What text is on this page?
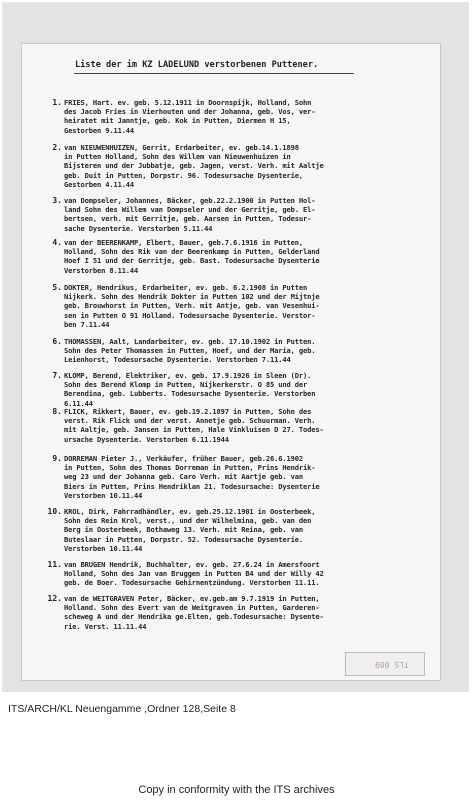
Liste der im KZ LADELUND verstorbenen Puttener.
1. FRIES, Hart. ev. geb. 5.12.1911 in Doornspijk, Holland, Sohn
des Jacob Fries in Vierhouten und der Johanna, geb. Vos, ver-
heiratet mit Janntje, geb. Kok in Putten, Diermen H 15,
Gestorben 9.11.44
2. van NIEUWENHUIZEN, Gerrit, Erdarbeiter, ev. geb.14.1.1898
in Putten Holland, Sohn des Willem van Nieuwenhuizen in
Bijsteren und der Jubbatje, geb. Jagen, verst. Verh. mit Aaltje
geb. Duit in Putten, Dorpstr. 96. Todesursache Dysenterie,
Gestorben 4.11.44
3. van Dompseler, Johannes, Bäcker, geb.22.2.1900 in Putten Hol-
land Sohn des Willem van Dompseler und der Gerritje, geb. El-
bertsen, verh. mit Gerritje, geb. Aarsen in Putten, Todesur-
sache Dysenterie. Verstorben 5.11.44
4. van der BEERENKAMP, Elbert, Bauer, geb.7.6.1916 in Putten,
Holland, Sohn des Rik van der Beerenkamp in Putten, Gelderland
Hoef I 51 und der Gerritje, geb. Bast. Todesursache Dysenterie
Verstorben 8.11.44
5. DOKTER, Hendrikus, Erdarbeiter, ev. geb. 6.2.1908 in Putten
Nijkerk. Sohn des Hendrik Dokter in Putten 102 und der Mijtnje
geb. Brouwhorst in Putten, Verh. mit Antje, geb. van Vesenhui-
sen in Putten O 91 Holland. Todesursache Dysenterie. Verstor-
ben 7.11.44
6. THOMASSEN, Aalt, Landarbeiter, ev. geb. 17.10.1902 in Putten.
Sohn des Peter Thomassen in Putten, Hoef, und der Maria, geb.
Leienhorst, Todesursache Dysenterie. Verstorben 7.11.44
7. KLOMP, Berend, Elektriker, ev. geb. 17.9.1926 in Sleen (Dr).
Sohn des Berend Klomp in Putten, Nijkerkerstr. O 85 und der
Berendina, geb. Lubberts. Todesursache Dysenterie. Verstorben
6.11.44
8. FLICK, Rikkert, Bauer, ev. geb.19.2.1897 in Putten, Sohn des
verst. Rik Flick und der verst. Annetje geb. Schuurman. Verh.
mit Aaltje, geb. Jansen in Putten, Hale Vinkluisen D 27. Todes-
ursache Dysenterie. Verstorben 6.11.1944
9. DORREMAN Pieter J., Verkäufer, früher Bauer, geb.26.6.1902
in Putten, Sohn des Thomas Dorreman in Putten, Prins Hendrik-
weg 23 und der Johanna geb. Caro Verh. mit Aartje geb. van
Biers in Putten, Prins Hendriklan 21. Todesursache: Dysenterie
Verstorben 10.11.44
10. KROL, Dirk, Fahrradhändler, ev. geb.25.12.1901 in Oosterbeek,
Sohn des Rein Krol, verst., und der Wilhelmina, geb. van den
Berg in Oosterbeek, Bothaweg 13. Verh. mit Reina, geb. van
Buteslaar in Putten, Dorpstr. 52. Todesursache Dysenterie.
Verstorben 10.11.44
11. van BRUGEN Hendrik, Buchhalter, ev. geb. 27.6.24 in Amersfoort
Holland, Sohn des Jan van Bruggen in Putten B4 und der Willy 42
geb. de Boer. Todesursache Gehirnentzündung. Verstorben 11.11.
12. van de WEITGRAVEN Peter, Bäcker, ev.geb.am 9.7.1919 in Putten,
Holland. Sohn des Evert van de Weitgraven in Putten, Garderen-
scheweg A und der Hendrika ge.Elten, geb.Todesursache: Dysente-
rie. Verst. 11.11.44
TLS 009
ITS/ARCH/KL Neuengamme ,Ordner 128,Seite 8
Copy in conformity with the ITS archives
